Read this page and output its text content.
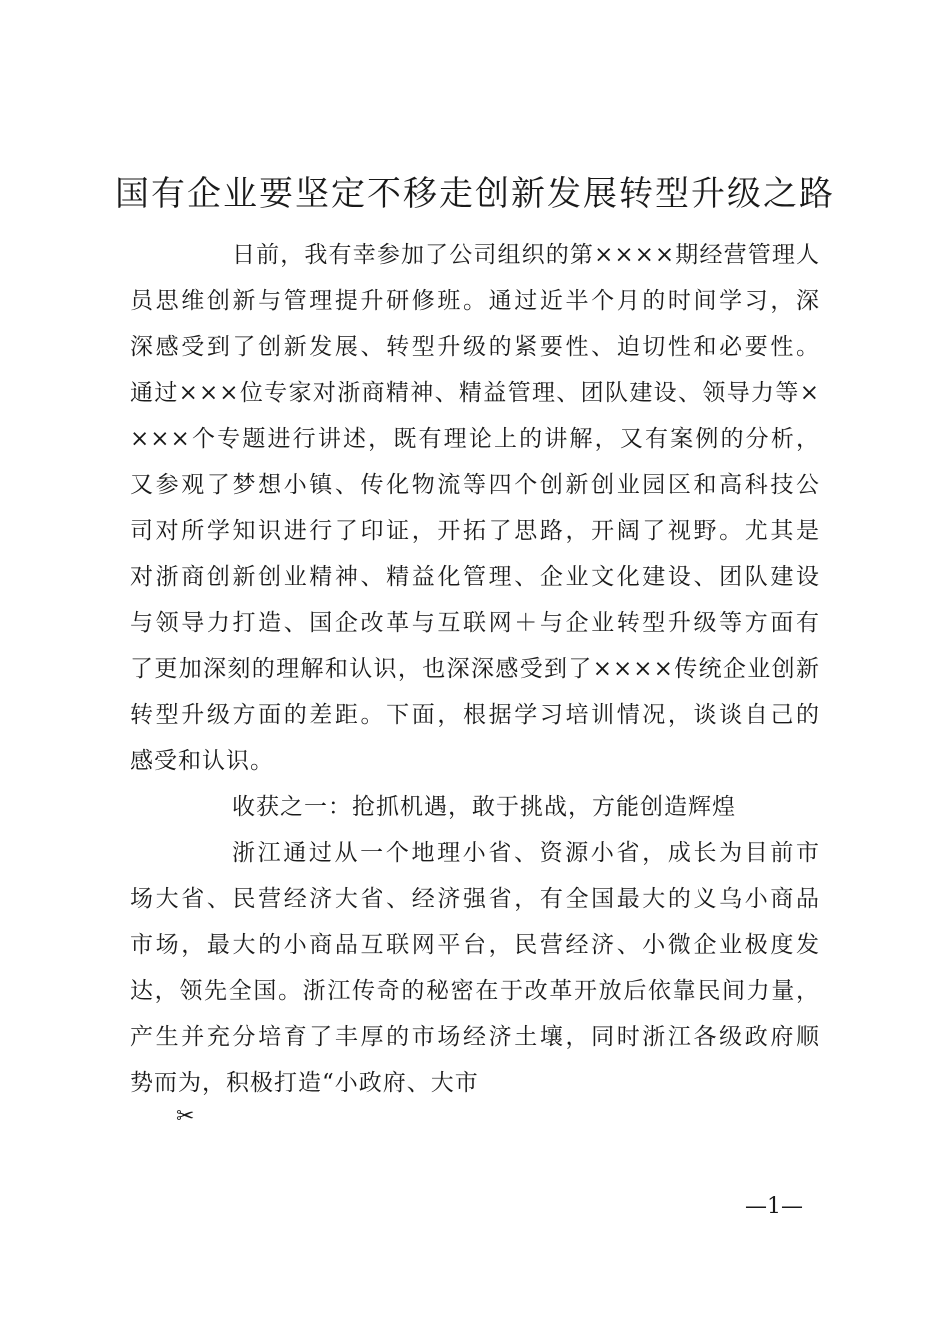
国有企业要坚定不移走创新发展转型升级之路
日前，我有幸参加了公司组织的第××××期经营管理人
员思维创新与管理提升研修班。通过近半个月的时间学习，深
深感受到了创新发展、转型升级的紧要性、迫切性和必要性。
通过×××位专家对浙商精神、精益管理、团队建设、领导力等×
×××个专题进行讲述，既有理论上的讲解，又有案例的分析，
又参观了梦想小镇、传化物流等四个创新创业园区和高科技公
司对所学知识进行了印证，开拓了思路，开阔了视野。尤其是
对浙商创新创业精神、精益化管理、企业文化建设、团队建设
与领导力打造、国企改革与互联网＋与企业转型升级等方面有
了更加深刻的理解和认识，也深深感受到了××××传统企业创新
转型升级方面的差距。下面，根据学习培训情况，谈谈自己的
感受和认识。
收获之一：抢抓机遇，敢于挑战，方能创造辉煌
浙江通过从一个地理小省、资源小省，成长为目前市
场大省、民营经济大省、经济强省，有全国最大的义乌小商品
市场，最大的小商品互联网平台，民营经济、小微企业极度发
达，领先全国。浙江传奇的秘密在于改革开放后依靠民间力量，
产生并充分培育了丰厚的市场经济土壤，同时浙江各级政府顺
势而为，积极打造“小政府、大市
✂
—1—
